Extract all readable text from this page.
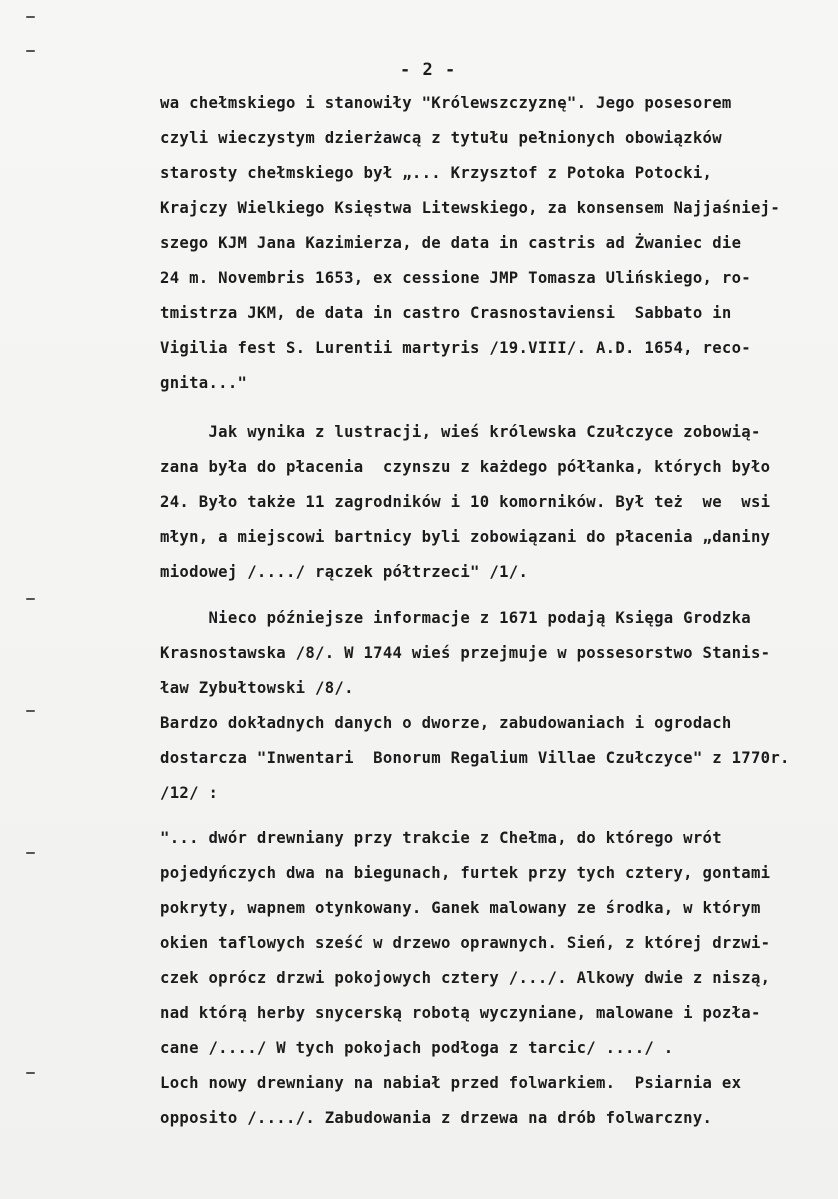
- 2 -
wa chełmskiego i stanowiły "Królewszczyznę". Jego posesorem
czyli wieczystym dzierżawcą z tytułu pełnionych obowiązków
starosty chełmskiego był „... Krzysztof z Potoka Potocki,
Krajczy Wielkiego Księstwa Litewskiego, za konsensem Najjaśniej-
szego KJM Jana Kazimierza, de data in castris ad Żwaniec die
24 m. Novembris 1653, ex cessione JMP Tomasza Ulińskiego, ro-
tmistrza JKM, de data in castro Crasnostaviensi  Sabbato in
Vigilia fest S. Lurentii martyris /19.VIII/. A.D. 1654, reco-
gnita..."
Jak wynika z lustracji, wieś królewska Czułczyce zobowią-
zana była do płacenia  czynszu z każdego półłanka, których było
24. Było także 11 zagrodników i 10 komorników. Był też  we  wsi
młyn, a miejscowi bartnicy byli zobowiązani do płacenia „daniny
miodowej /..../ rączek półtrzeci" /1/.
Nieco późniejsze informacje z 1671 podają Księga Grodzka
Krasnostawska /8/. W 1744 wieś przejmuje w possesorstwo Stanis-
ław Zybułtowski /8/.
Bardzo dokładnych danych o dworze, zabudowaniach i ogrodach
dostarcza "Inwentari  Bonorum Regalium Villae Czułczyce" z 1770r.
/12/ :
"... dwór drewniany przy trakcie z Chełma, do którego wrót
pojedyńczych dwa na biegunach, furtek przy tych cztery, gontami
pokryty, wapnem otynkowany. Ganek malowany ze środka, w którym
okien taflowych sześć w drzewo oprawnych. Sień, z której drzwi-
czek oprócz drzwi pokojowych cztery /.../. Alkowy dwie z niszą,
nad którą herby snycerską robotą wyczyniane, malowane i pozła-
cane /..../ W tych pokojach podłoga z tarcic/ ..../ .
Loch nowy drewniany na nabiał przed folwarkiem.  Psiarnia ex
opposito /..../. Zabudowania z drzewa na drób folwarczny.
